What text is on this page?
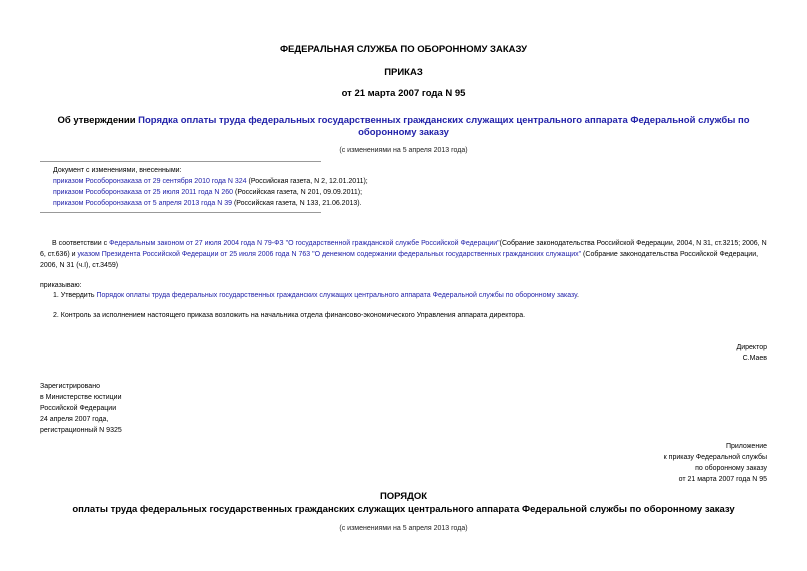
ФЕДЕРАЛЬНАЯ СЛУЖБА ПО ОБОРОННОМУ ЗАКАЗУ
ПРИКАЗ
от 21 марта 2007 года N 95
Об утверждении Порядка оплаты труда федеральных государственных гражданских служащих центрального аппарата Федеральной службы по оборонному заказу
(с изменениями на 5 апреля 2013 года)
Документ с изменениями, внесенными:
приказом Рособоронзаказа от 29 сентября 2010 года N 324 (Российская газета, N 2, 12.01.2011);
приказом Рособоронзаказа от 25 июля 2011 года N 260 (Российская газета, N 201, 09.09.2011);
приказом Рособоронзаказа от 5 апреля 2013 года N 39 (Российская газета, N 133, 21.06.2013).
В соответствии с Федеральным законом от 27 июля 2004 года N 79-ФЗ "О государственной гражданской службе Российской Федерации"(Собрание законодательства Российской Федерации, 2004, N 31, ст.3215; 2006, N 6, ст.636) и указом Президента Российской Федерации от 25 июля 2006 года N 763 "О денежном содержании федеральных государственных гражданских служащих" (Собрание законодательства Российской Федерации, 2006, N 31 (ч.I), ст.3459)
приказываю:
1. Утвердить Порядок оплаты труда федеральных государственных гражданских служащих центрального аппарата Федеральной службы по оборонному заказу.
2. Контроль за исполнением настоящего приказа возложить на начальника отдела финансово-экономического Управления аппарата директора.
Директор
С.Маев
Зарегистрировано
в Министерстве юстиции
Российской Федерации
24 апреля 2007 года,
регистрационный N 9325
Приложение
к приказу Федеральной службы
по оборонному заказу
от 21 марта 2007 года N 95
ПОРЯДОК
оплаты труда федеральных государственных гражданских служащих центрального аппарата Федеральной службы по оборонному заказу
(с изменениями на 5 апреля 2013 года)
